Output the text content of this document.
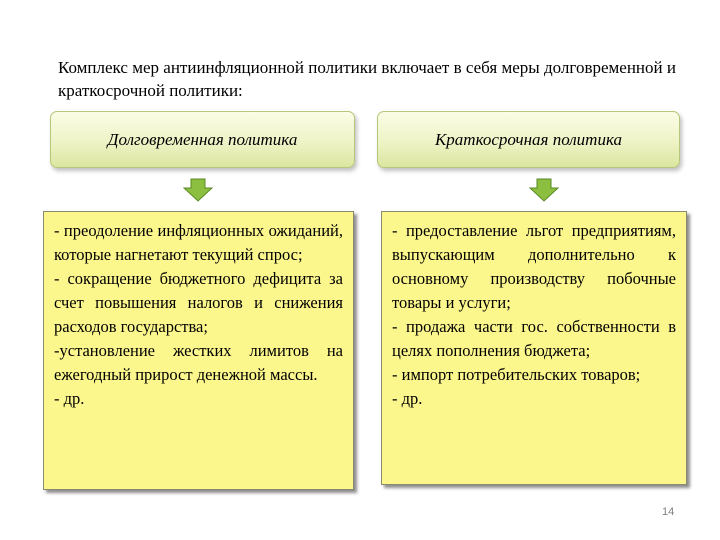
Комплекс мер антиинфляционной политики включает в себя меры долговременной и краткосрочной политики:
Долговременная политика	Краткосрочная политика

- преодоление инфляционных ожиданий, которые нагнетают текущий спрос;

- сокращение бюджетного дефицита за счет повышения налогов и снижения расходов государства;

-установление жестких лимитов на ежегодный прирост денежной массы.

- др.

- предоставление льгот предприятиям, выпускающим дополнительно к основному производству побочные товары и услуги;

- продажа части гос. собственности в целях пополнения бюджета;

- импорт потребительских товаров;

- др.

14
